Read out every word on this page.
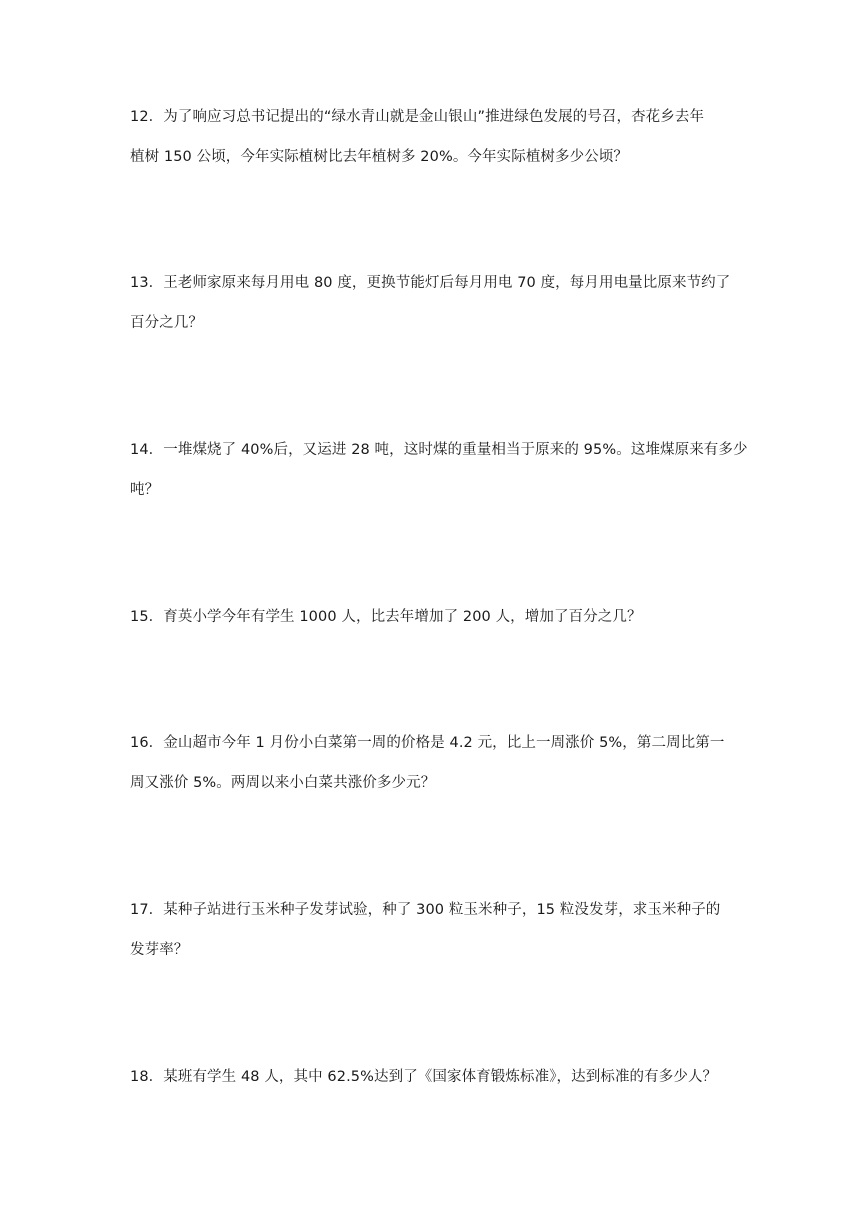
12．为了响应习总书记提出的“绿水青山就是金山银山”推进绿色发展的号召，杏花乡去年
植树 150 公顷，今年实际植树比去年植树多 20%。今年实际植树多少公顷？
13．王老师家原来每月用电 80 度，更换节能灯后每月用电 70 度，每月用电量比原来节约了
百分之几？
14．一堆煤烧了 40%后，又运进 28 吨，这时煤的重量相当于原来的 95%。这堆煤原来有多少
吨？
15．育英小学今年有学生 1000 人，比去年增加了 200 人，增加了百分之几？
16．金山超市今年 1 月份小白菜第一周的价格是 4.2 元，比上一周涨价 5%，第二周比第一
周又涨价 5%。两周以来小白菜共涨价多少元？
17．某种子站进行玉米种子发芽试验，种了 300 粒玉米种子，15 粒没发芽，求玉米种子的
发芽率？
18．某班有学生 48 人，其中 62.5%达到了《国家体育锻炼标准》，达到标准的有多少人？
